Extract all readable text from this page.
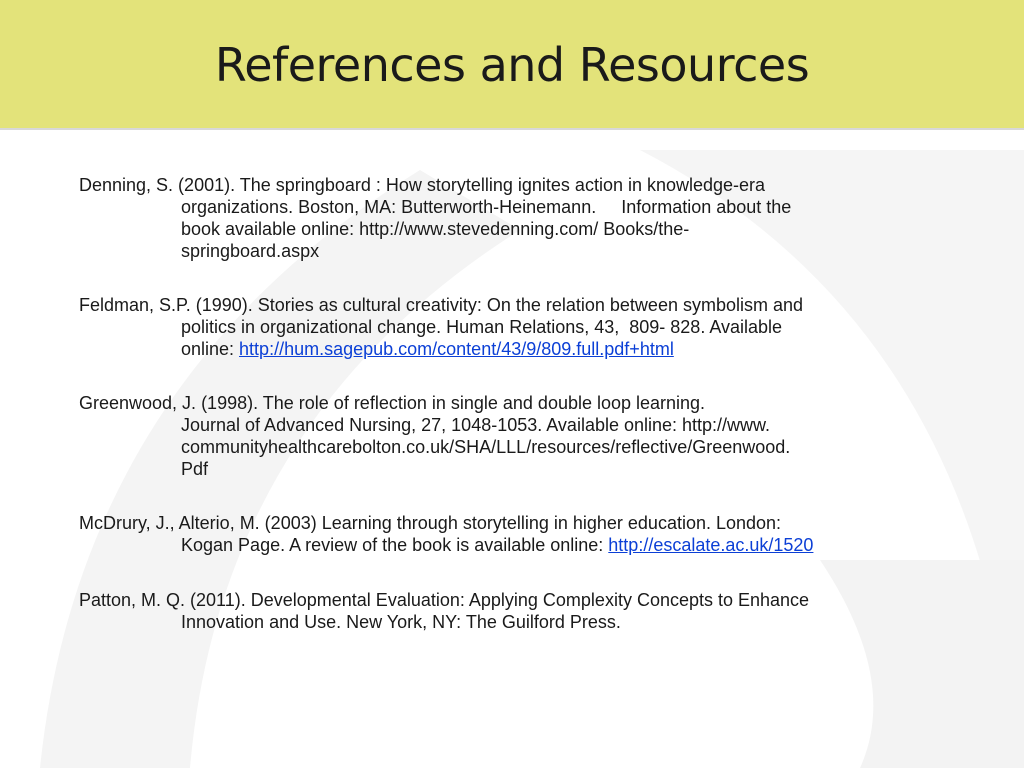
References and Resources
Denning, S. (2001). The springboard : How storytelling ignites action in knowledge-era
organizations. Boston, MA: Butterworth-Heinemann.     Information about the
book available online: http://www.stevedenning.com/ Books/the-
springboard.aspx
Feldman, S.P. (1990). Stories as cultural creativity: On the relation between symbolism and
politics in organizational change. Human Relations, 43,  809- 828. Available
online: http://hum.sagepub.com/content/43/9/809.full.pdf+html
Greenwood, J. (1998). The role of reflection in single and double loop learning.
Journal of Advanced Nursing, 27, 1048-1053. Available online: http://www.
communityhealthcarebolton.co.uk/SHA/LLL/resources/reflective/Greenwood.
Pdf
McDrury, J., Alterio, M. (2003) Learning through storytelling in higher education. London:
Kogan Page. A review of the book is available online: http://escalate.ac.uk/1520
Patton, M. Q. (2011). Developmental Evaluation: Applying Complexity Concepts to Enhance
Innovation and Use. New York, NY: The Guilford Press.
